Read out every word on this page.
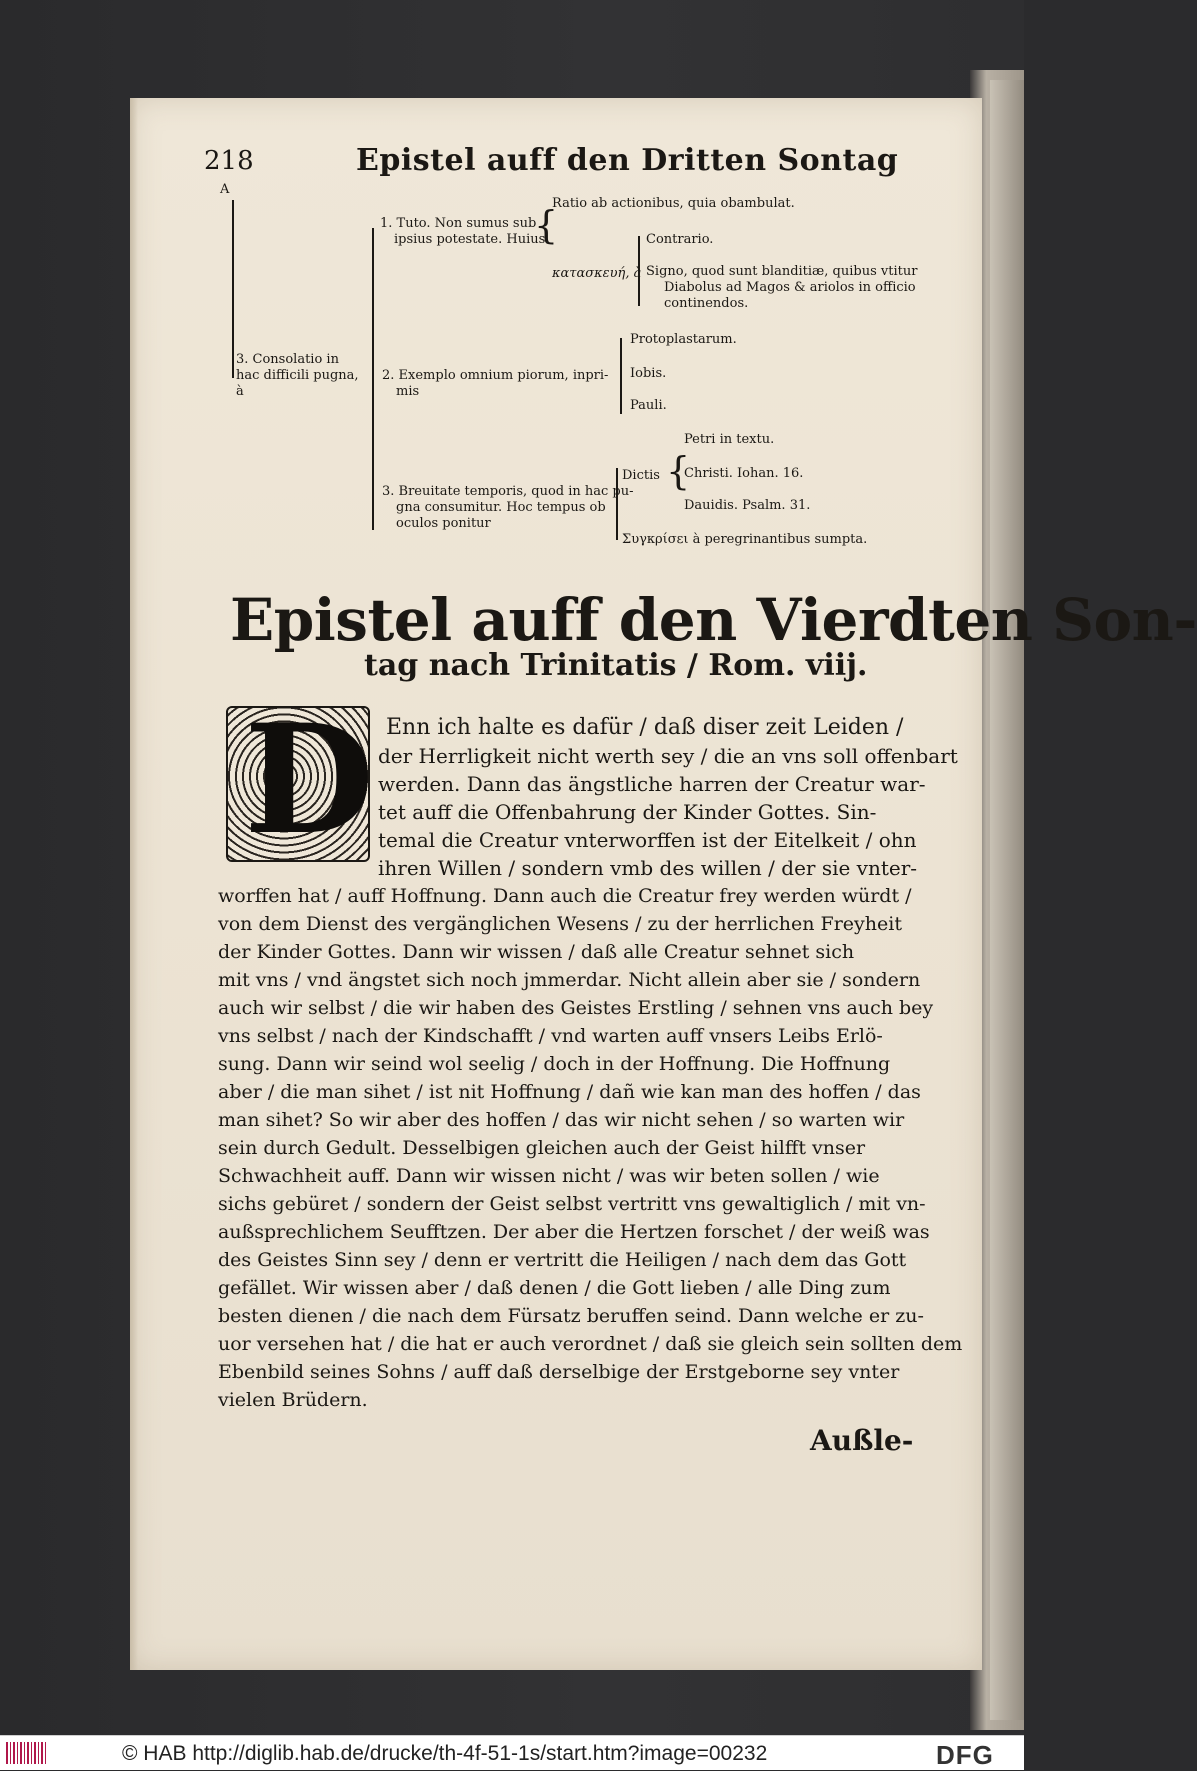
218	Epistel auff den Dritten Sontag
A
3. Consolatio in hac difficili pugna, à
1. Tuto. Non sumus sub
ipsius potestate. Huius
{
Ratio ab actionibus, quia obambulat.
κατασκευή, à
Contrario.
Signo, quod sunt blanditiæ, quibus vtitur
Diabolus ad Magos & ariolos in officio
continendos.
2. Exemplo omnium piorum, inpri-
mis
Protoplastarum.
Iobis.
Pauli.
3. Breuitate temporis, quod in hac pu-
gna consumitur. Hoc tempus ob
oculos ponitur
Dictis {
Petri in textu.
Christi. Iohan. 16.
Dauidis. Psalm. 31.
Συγκρίσει à peregrinantibus sumpta.
Epistel auff den Vierdten Son-
tag nach Trinitatis / Rom. viij.
D Enn ich halte es dafür / daß diser zeit Leiden /
der Herrligkeit nicht werth sey / die an vns soll offenbart
werden. Dann das ängstliche harren der Creatur war-
tet auff die Offenbahrung der Kinder Gottes. Sin-
temal die Creatur vnterworffen ist der Eitelkeit / ohn
ihren Willen / sondern vmb des willen / der sie vnter-
worffen hat / auff Hoffnung. Dann auch die Creatur frey werden würdt /
von dem Dienst des vergänglichen Wesens / zu der herrlichen Freyheit
der Kinder Gottes. Dann wir wissen / daß alle Creatur sehnet sich
mit vns / vnd ängstet sich noch jmmerdar. Nicht allein aber sie / sondern
auch wir selbst / die wir haben des Geistes Erstling / sehnen vns auch bey
vns selbst / nach der Kindschafft / vnd warten auff vnsers Leibs Erlö-
sung. Dann wir seind wol seelig / doch in der Hoffnung. Die Hoffnung
aber / die man sihet / ist nit Hoffnung / dañ wie kan man des hoffen / das
man sihet? So wir aber des hoffen / das wir nicht sehen / so warten wir
sein durch Gedult. Desselbigen gleichen auch der Geist hilfft vnser
Schwachheit auff. Dann wir wissen nicht / was wir beten sollen / wie
sichs gebüret / sondern der Geist selbst vertritt vns gewaltiglich / mit vn-
außsprechlichem Seufftzen. Der aber die Hertzen forschet / der weiß was
des Geistes Sinn sey / denn er vertritt die Heiligen / nach dem das Gott
gefället. Wir wissen aber / daß denen / die Gott lieben / alle Ding zum
besten dienen / die nach dem Fürsatz beruffen seind. Dann welche er zu-
uor versehen hat / die hat er auch verordnet / daß sie gleich sein sollten dem
Ebenbild seines Sohns / auff daß derselbige der Erstgeborne sey vnter
vielen Brüdern.
Außle-
© HAB http://diglib.hab.de/drucke/th-4f-51-1s/start.htm?image=00232	DFG
